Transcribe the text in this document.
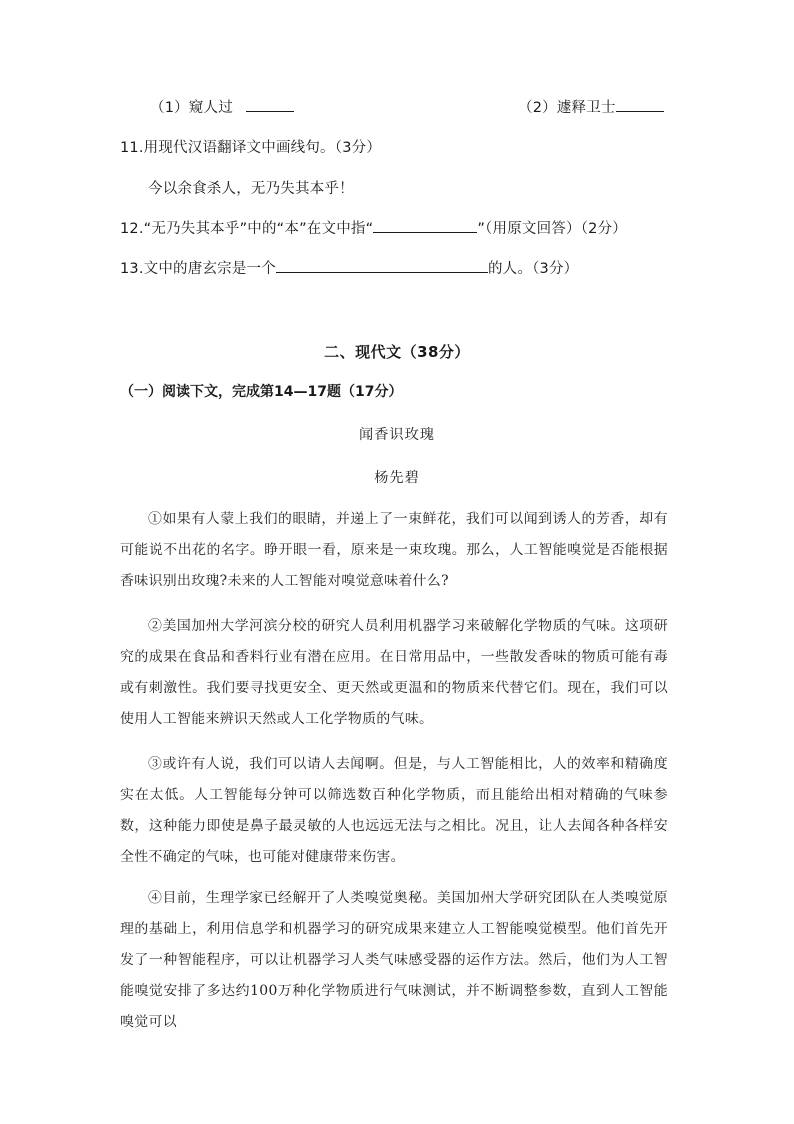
（1）窥人过	（2）遽释卫士
11.用现代汉语翻译文中画线句。（3分）
今以余食杀人，无乃失其本乎！
12.“无乃失其本乎”中的“本”在文中指“	”（用原文回答）（2分）
13.文中的唐玄宗是一个	的人。（3分）
二、现代文（38分）
（一）阅读下文，完成第14—17题（17分）
闻香识玫瑰
杨先碧
①如果有人蒙上我们的眼睛，并递上了一束鲜花，我们可以闻到诱人的芳香，却有可能说不出花的名字。睁开眼一看，原来是一束玫瑰。那么，人工智能嗅觉是否能根据香味识别出玫瑰?未来的人工智能对嗅觉意味着什么?
②美国加州大学河滨分校的研究人员利用机器学习来破解化学物质的气味。这项研究的成果在食品和香料行业有潜在应用。在日常用品中，一些散发香味的物质可能有毒或有刺激性。我们要寻找更安全、更天然或更温和的物质来代替它们。现在，我们可以使用人工智能来辨识天然或人工化学物质的气味。
③或许有人说，我们可以请人去闻啊。但是，与人工智能相比，人的效率和精确度实在太低。人工智能每分钟可以筛选数百种化学物质，而且能给出相对精确的气味参数，这种能力即使是鼻子最灵敏的人也远远无法与之相比。况且，让人去闻各种各样安全性不确定的气味，也可能对健康带来伤害。
④目前，生理学家已经解开了人类嗅觉奥秘。美国加州大学研究团队在人类嗅觉原理的基础上，利用信息学和机器学习的研究成果来建立人工智能嗅觉模型。他们首先开发了一种智能程序，可以让机器学习人类气味感受器的运作方法。然后，他们为人工智能嗅觉安排了多达约100万种化学物质进行气味测试，并不断调整参数，直到人工智能嗅觉可以
